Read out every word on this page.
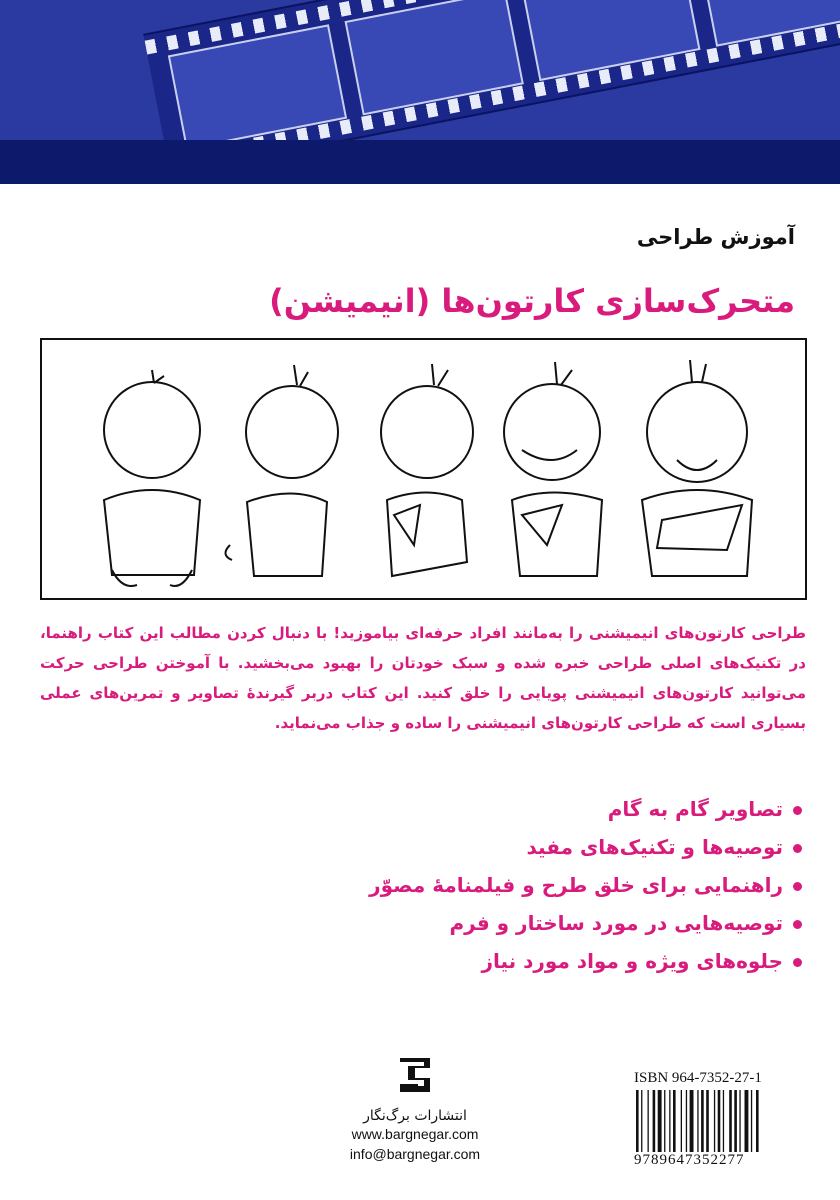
آموزش طراحی
متحرک‌سازی کارتون‌ها (انیمیشن)
طراحی کارتون‌های انیمیشنی را به‌مانند افراد حرفه‌ای بیاموزید! با دنبال کردن مطالب این کتاب راهنما، در تکنیک‌های اصلی طراحی خبره شده و سبک خودتان را بهبود می‌بخشید. با آموختن طراحی حرکت می‌توانید کارتون‌های انیمیشنی پویایی را خلق کنید. این کتاب دربر گیرندهٔ تصاویر و تمرین‌های عملی بسیاری است که طراحی کارتون‌های انیمیشنی را ساده و جذاب می‌نماید.
تصاویر گام به گام
توصیه‌ها و تکنیک‌های مفید
راهنمایی برای خلق طرح و فیلمنامهٔ مصوّر
توصیه‌هایی در مورد ساختار و فرم
جلوه‌های ویژه و مواد مورد نیاز
انتشارات برگ‌نگار
www.bargnegar.com
info@bargnegar.com
ISBN 964-7352-27-1
9789647352277
